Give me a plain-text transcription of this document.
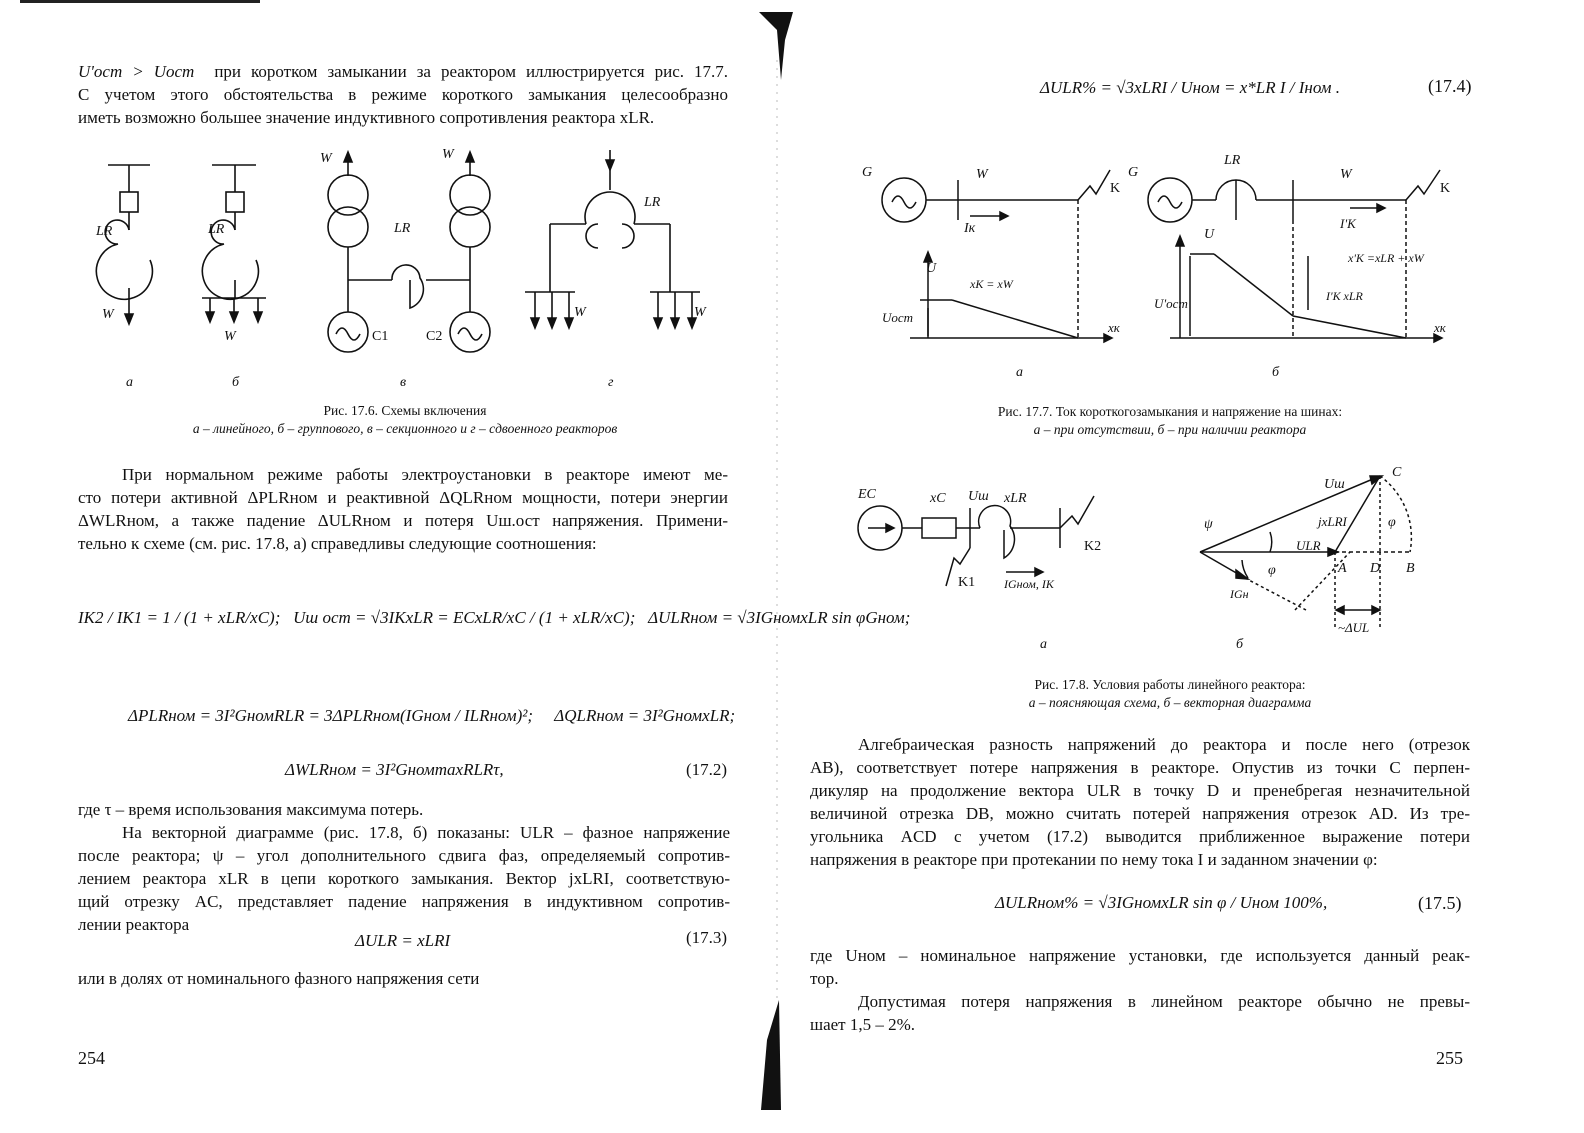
U'ост > Uост при коротком замыкании за реактором иллюстрируется рис. 17.7.
С учетом этого обстоятельства в режиме короткого замыкания целесообразно
иметь возможно большее значение индуктивного сопротивления реактора xLR.
LR
W
LR
W
W	W
LR
C1	C2
LR
W	W
а	б	в	г
Рис. 17.6. Схемы включения
а – линейного, б – группового, в – секционного и г – сдвоенного реакторов
При нормальном режиме работы электроустановки в реакторе имеют ме-
сто потери активной ΔPLRном и реактивной ΔQLRном мощности, потери энергии
ΔWLRном, а также падение ΔULRном и потеря Uш.ост напряжения. Примени-
тельно к схеме (см. рис. 17.8, а) справедливы следующие соотношения:
IK2 / IK1 = 1 / (1 + xLR/xC); Uш ост = √3IKxLR = ECxLR/xC / (1 + xLR/xC); ΔULRном = √3IGномxLR sin φGном;
ΔPLRном = 3I²GномRLR = 3ΔPLRном(IGном / ILRном)²; ΔQLRном = 3I²GномxLR;
ΔWLRном = 3I²GномmaxRLRτ,	(17.2)
где τ – время использования максимума потерь.
На векторной диаграмме (рис. 17.8, б) показаны: ULR – фазное напряжение
после реактора; ψ – угол дополнительного сдвига фаз, определяемый сопротив-
лением реактора xLR в цепи короткого замыкания. Вектор jxLRI, соответствую-
щий отрезку AC, представляет падение напряжения в индуктивном сопротив-
лении реактора
ΔULR = xLRI	(17.3)
или в долях от номинального фазного напряжения сети
254
ΔULR% = √3xLRI / Uном = x*LR I / Iном .	(17.4)
G	W
K
Iк
U
xК = xW
Uост
xк
G
LR
W
K
I'К
U
x'К =xLR + xW
I'К xLR
U'ост
xк
а	б
Рис. 17.7. Ток короткогозамыкания и напряжение на шинах:
а – при отсутствии, б – при наличии реактора
EC	xC Uш xLR
K2
K1 IGном, IK
Uш
C
ψ	jxLRI	φ
ULR
A D B
φ
IGн
~ΔUL
а	б
Рис. 17.8. Условия работы линейного реактора:
а – поясняющая схема, б – векторная диаграмма
Алгебраическая разность напряжений до реактора и после него (отрезок
AB), соответствует потере напряжения в реакторе. Опустив из точки C перпен-
дикуляр на продолжение вектора ULR в точку D и пренебрегая незначительной
величиной отрезка DB, можно считать потерей напряжения отрезок AD. Из тре-
угольника ACD с учетом (17.2) выводится приближенное выражение потери
напряжения в реакторе при протекании по нему тока I и заданном значении φ:
ΔULRном% = √3IGномxLR sin φ / Uном 100%,	(17.5)
где Uном – номинальное напряжение установки, где используется данный реак-
тор.
Допустимая потеря напряжения в линейном реакторе обычно не превы-
шает 1,5 – 2%.
255
